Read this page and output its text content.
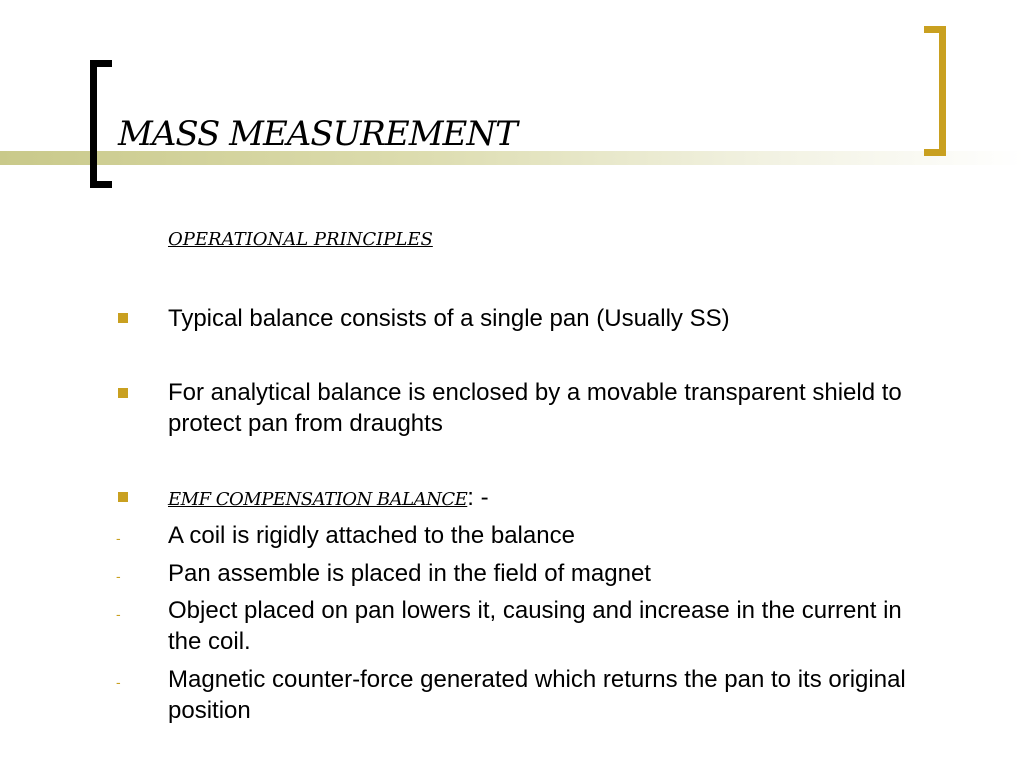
MASS MEASUREMENT
OPERATIONAL PRINCIPLES
Typical balance consists of a single pan (Usually SS)
For analytical balance is enclosed by a movable transparent shield to protect pan from draughts
EMF COMPENSATION BALANCE: -
- A coil is rigidly attached to the balance
- Pan assemble is placed in the field of magnet
- Object placed on pan lowers it, causing and increase in the current in the coil.
- Magnetic counter-force generated which returns the pan to its original position
